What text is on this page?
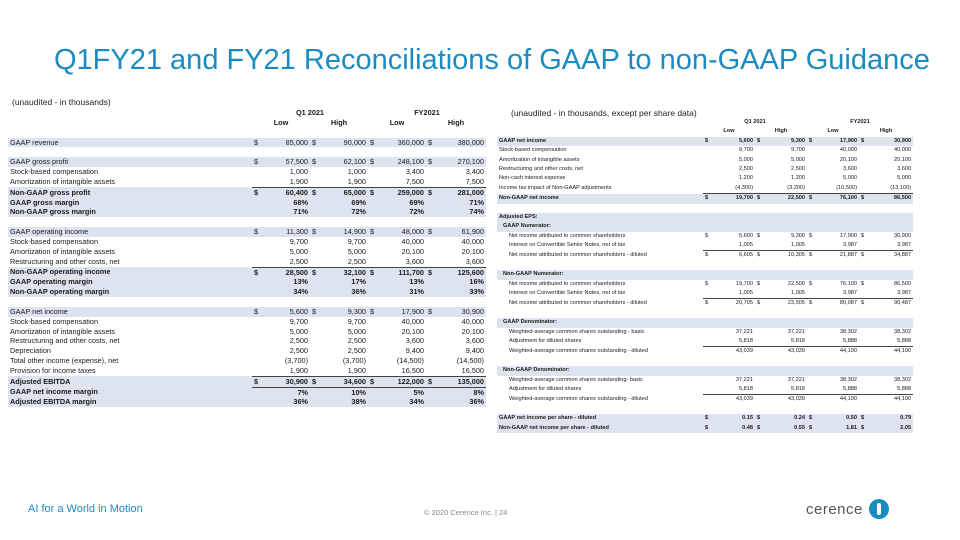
Q1FY21 and FY21 Reconciliations of GAAP to non-GAAP Guidance
(unaudited - in thousands)
(unaudited - in thousands, except per share data)
	Q1 2021				FY2021			
	Low		High		Low		High	

GAAP revenue	$	85,000	$	90,000	$	360,000	$	380,000

GAAP gross profit	$	57,500	$	62,100	$	248,100	$	270,100
Stock-based compensation		1,000		1,000		3,400		3,400
Amortization of intangible assets		1,900		1,900		7,500		7,500
Non-GAAP gross profit	$	60,400	$	65,000	$	259,000	$	281,000
GAAP gross margin		68%		69%		69%		71%
Non-GAAP gross margin		71%		72%		72%		74%

GAAP operating income	$	11,300	$	14,900	$	48,000	$	61,900
Stock-based compensation		9,700		9,700		40,000		40,000
Amortization of intangible assets		5,000		5,000		20,100		20,100
Restructuring and other costs, net		2,500		2,500		3,600		3,600
Non-GAAP operating income	$	28,500	$	32,100	$	111,700	$	125,600
GAAP operating margin		13%		17%		13%		16%
Non-GAAP operating margin		34%		36%		31%		33%

GAAP net income	$	5,600	$	9,300	$	17,900	$	30,900
Stock-based compensation		9,700		9,700		40,000		40,000
Amortization of intangible assets		5,000		5,000		20,100		20,100
Restructuring and other costs, net		2,500		2,500		3,600		3,600
Depreciation		2,500		2,500		9,400		9,400
Total other income (expense), net		(3,700)		(3,700)		(14,500)		(14,500)
Provision for income taxes		1,900		1,900		16,500		16,500
Adjusted EBITDA	$	30,900	$	34,600	$	122,000	$	135,000
GAAP net income margin		7%		10%		5%		8%
Adjusted EBITDA margin		36%		38%		34%		36%
	Q1 2021				FY2021			
	Low		High		Low		High	
GAAP net income	$	5,600	$	9,300	$	17,900	$	30,900
Stock-based compensation		9,700		9,700		40,000		40,000
Amortization of intangible assets		5,000		5,000		20,100		20,100
Restructuring and other costs, net		2,500		2,500		3,600		3,600
Non-cash interest expense		1,200		1,200		5,000		5,000
Income tax impact of Non-GAAP adjustments		(4,300)		(3,200)		(10,500)		(13,100)
Non-GAAP net income	$	19,700	$	22,500	$	76,100	$	86,500

Adjusted EPS:								
GAAP Numerator:								
Net income attributed to common shareholders	$	5,600	$	9,300	$	17,900	$	30,900
Interest on Convertible Senior Notes, net of tax		1,005		1,005		3,987		3,987
Net income attributed to common shareholders - diluted	$	6,605	$	10,305	$	21,887	$	34,887

Non-GAAP Numerator:								
Net income attributed to common shareholders	$	19,700	$	22,500	$	76,100	$	86,500
Interest on Convertible Senior Notes, net of tax		1,005		1,005		3,987		3,987
Net income attributed to common shareholders - diluted	$	20,705	$	23,505	$	80,087	$	90,487

GAAP Denominator:								
Weighted-average common shares outstanding - basic		37,221		37,221		38,302		38,302
Adjustment for diluted shares		5,818		5,818		5,888		5,888
Weighted-average common shares outstanding - diluted		43,039		43,039		44,190		44,190

Non-GAAP Denominator:								
Weighted-average common shares outstanding- basic		37,221		37,221		38,302		38,302
Adjustment for diluted shares		5,818		5,818		5,888		5,888
Weighted-average common shares outstanding - diluted		43,039		43,039		44,190		44,190

GAAP net income per share - diluted	$	0.15	$	0.24	$	0.50	$	0.79
Non-GAAP net income per share - diluted	$	0.48	$	0.55	$	1.81	$	2.05
AI for a World in Motion	© 2020 Cerence Inc. | 24	cerence
